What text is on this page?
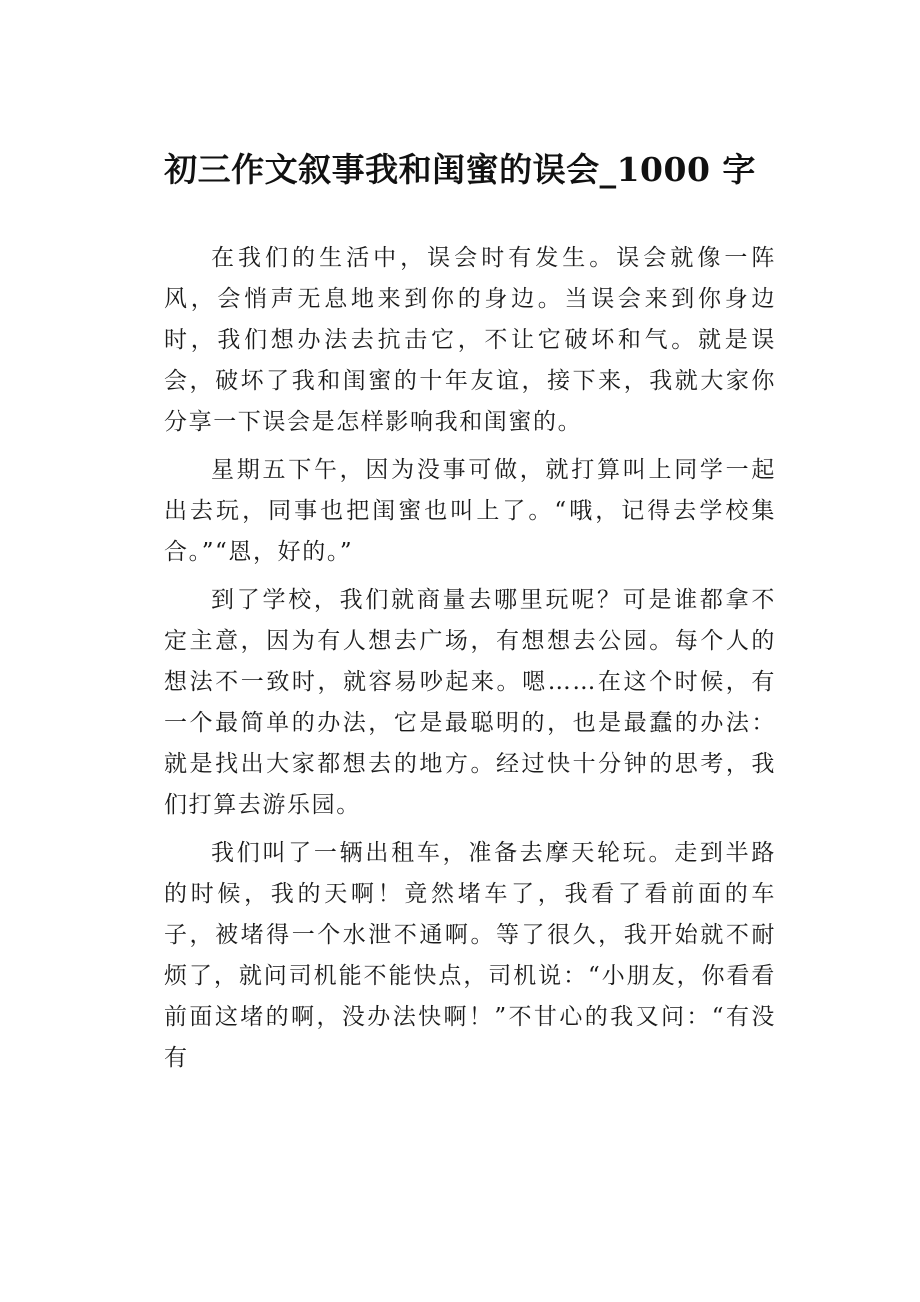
初三作文叙事我和闺蜜的误会_1000 字

在我们的生活中，误会时有发生。误会就像一阵风，会悄声无息地来到你的身边。当误会来到你身边时，我们想办法去抗击它，不让它破坏和气。就是误会，破坏了我和闺蜜的十年友谊，接下来，我就大家你分享一下误会是怎样影响我和闺蜜的。

星期五下午，因为没事可做，就打算叫上同学一起出去玩，同事也把闺蜜也叫上了。“哦，记得去学校集合。”“恩，好的。”

到了学校，我们就商量去哪里玩呢？可是谁都拿不定主意，因为有人想去广场，有想想去公园。每个人的想法不一致时，就容易吵起来。嗯……在这个时候，有一个最简单的办法，它是最聪明的，也是最蠢的办法：就是找出大家都想去的地方。经过快十分钟的思考，我们打算去游乐园。

我们叫了一辆出租车，准备去摩天轮玩。走到半路的时候，我的天啊！竟然堵车了，我看了看前面的车子，被堵得一个水泄不通啊。等了很久，我开始就不耐烦了，就问司机能不能快点，司机说：“小朋友，你看看前面这堵的啊，没办法快啊！”不甘心的我又问：“有没有
